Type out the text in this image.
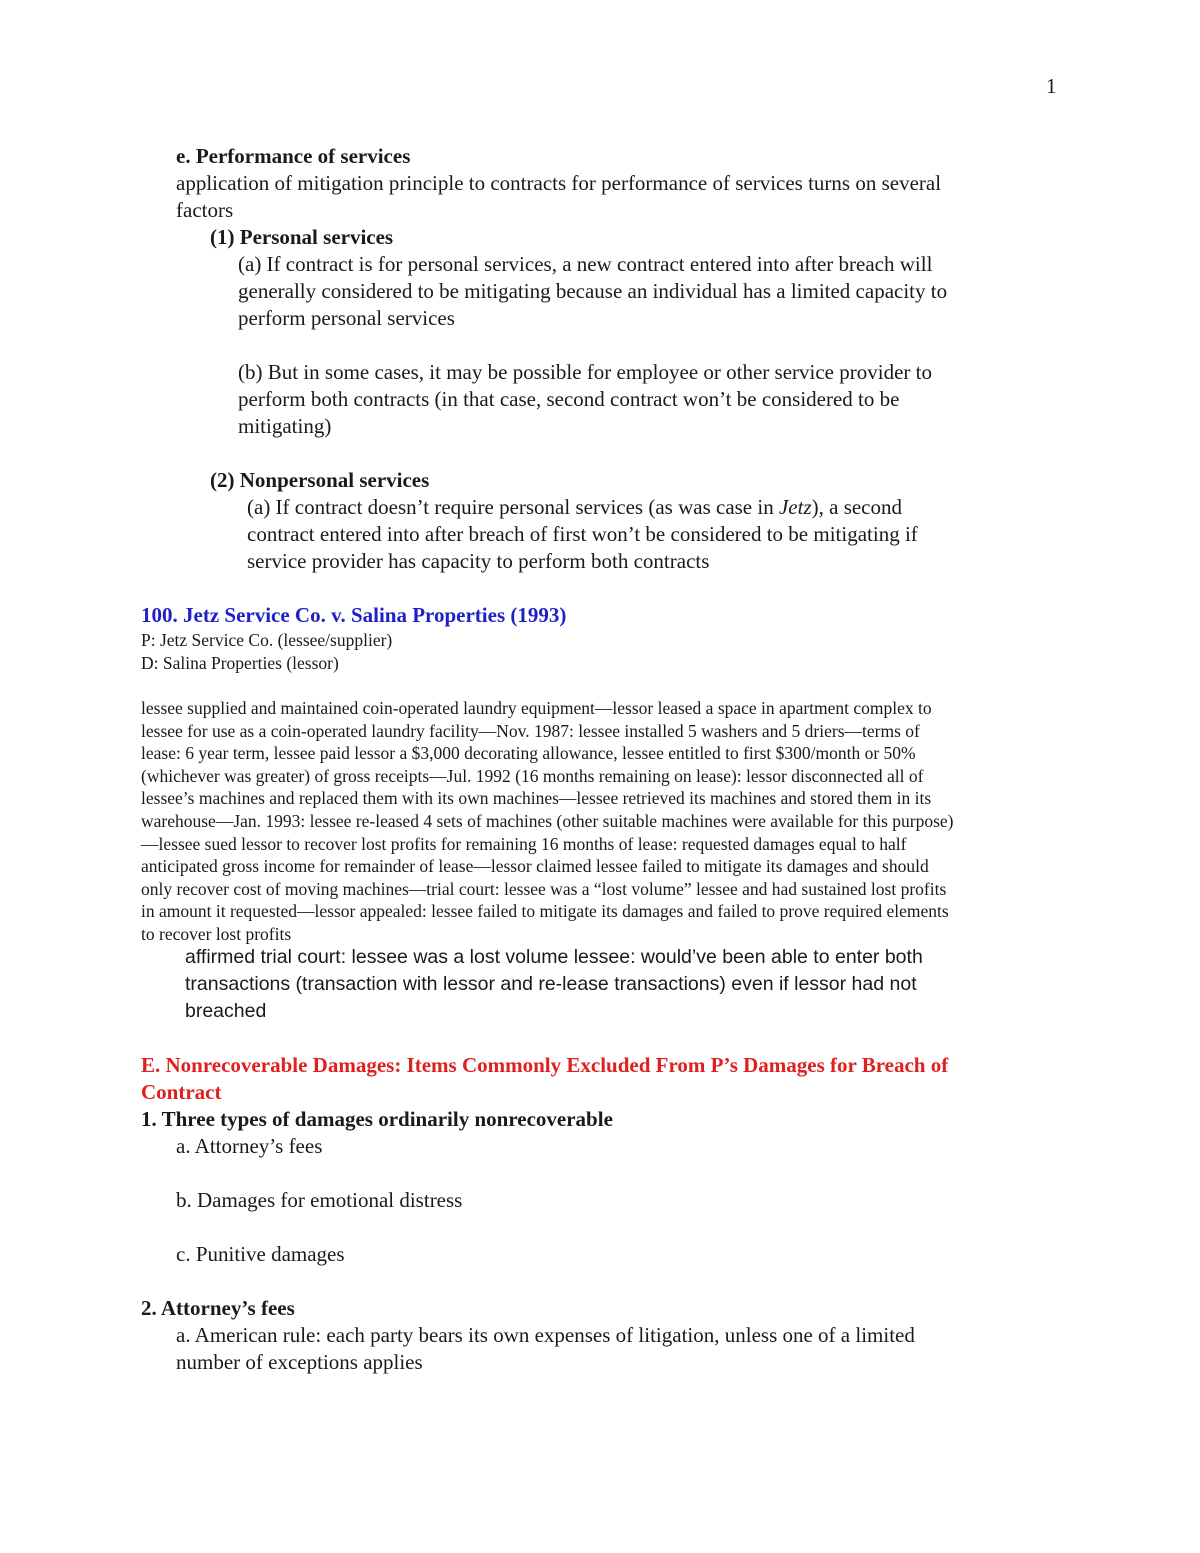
1
e. Performance of services
application of mitigation principle to contracts for performance of services turns on several
factors
(1) Personal services
(a) If contract is for personal services, a new contract entered into after breach will
generally considered to be mitigating because an individual has a limited capacity to
perform personal services
(b) But in some cases, it may be possible for employee or other service provider to
perform both contracts (in that case, second contract won’t be considered to be
mitigating)
(2) Nonpersonal services
(a) If contract doesn’t require personal services (as was case in Jetz), a second
contract entered into after breach of first won’t be considered to be mitigating if
service provider has capacity to perform both contracts
100. Jetz Service Co. v. Salina Properties (1993)
P: Jetz Service Co. (lessee/supplier)
D: Salina Properties (lessor)
lessee supplied and maintained coin-operated laundry equipment—lessor leased a space in apartment complex to
lessee for use as a coin-operated laundry facility—Nov. 1987: lessee installed 5 washers and 5 driers—terms of
lease: 6 year term, lessee paid lessor a $3,000 decorating allowance, lessee entitled to first $300/month or 50%
(whichever was greater) of gross receipts—Jul. 1992 (16 months remaining on lease): lessor disconnected all of
lessee’s machines and replaced them with its own machines—lessee retrieved its machines and stored them in its
warehouse—Jan. 1993: lessee re-leased 4 sets of machines (other suitable machines were available for this purpose)
—lessee sued lessor to recover lost profits for remaining 16 months of lease: requested damages equal to half
anticipated gross income for remainder of lease—lessor claimed lessee failed to mitigate its damages and should
only recover cost of moving machines—trial court: lessee was a “lost volume” lessee and had sustained lost profits
in amount it requested—lessor appealed: lessee failed to mitigate its damages and failed to prove required elements
to recover lost profits
affirmed trial court: lessee was a lost volume lessee: would’ve been able to enter both
transactions (transaction with lessor and re-lease transactions) even if lessor had not
breached
E. Nonrecoverable Damages: Items Commonly Excluded From P’s Damages for Breach of
Contract
1. Three types of damages ordinarily nonrecoverable
a. Attorney’s fees
b. Damages for emotional distress
c. Punitive damages
2. Attorney’s fees
a. American rule: each party bears its own expenses of litigation, unless one of a limited
number of exceptions applies
